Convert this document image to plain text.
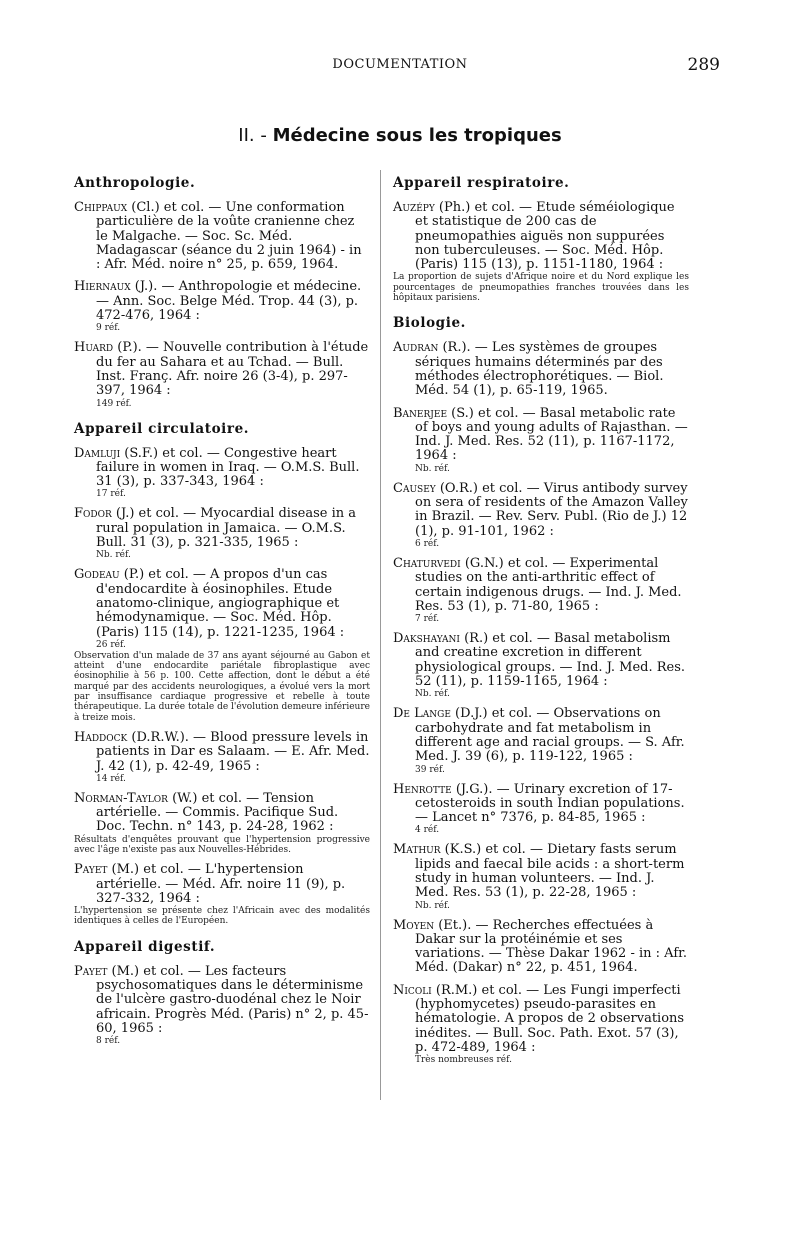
DOCUMENTATION	289
II. - Médecine sous les tropiques
Anthropologie.

Chippaux (Cl.) et col. — Une conformation particulière de la voûte cranienne chez le Malgache. — Soc. Sc. Méd. Madagascar (séance du 2 juin 1964) - in : Afr. Méd. noire n° 25, p. 659, 1964.

Hiernaux (J.). — Anthropologie et médecine. — Ann. Soc. Belge Méd. Trop. 44 (3), p. 472-476, 1964 :

9 réf.

Huard (P.). — Nouvelle contribution à l'étude du fer au Sahara et au Tchad. — Bull. Inst. Franç. Afr. noire 26 (3-4), p. 297-397, 1964 :

149 réf.
Appareil circulatoire.

Damluji (S.F.) et col. — Congestive heart failure in women in Iraq. — O.M.S. Bull. 31 (3), p. 337-343, 1964 :

17 réf.

Fodor (J.) et col. — Myocardial disease in a rural population in Jamaica. — O.M.S. Bull. 31 (3), p. 321-335, 1965 :

Nb. réf.

Godeau (P.) et col. — A propos d'un cas d'endocardite à éosinophiles. Etude anatomo-clinique, angiographique et hémodynamique. — Soc. Méd. Hôp. (Paris) 115 (14), p. 1221-1235, 1964 :

26 réf.
Observation d'un malade de 37 ans ayant séjourné au Gabon et atteint d'une endocardite pariétale fibroplastique avec éosinophilie à 56 p. 100. Cette affection, dont le début a été marqué par des accidents neurologiques, a évolué vers la mort par insuffisance cardiaque progressive et rebelle à toute thérapeutique. La durée totale de l'évolution demeure inférieure à treize mois.

Haddock (D.R.W.). — Blood pressure levels in patients in Dar es Salaam. — E. Afr. Med. J. 42 (1), p. 42-49, 1965 :

14 réf.

Norman-Taylor (W.) et col. — Tension artérielle. — Commis. Pacifique Sud. Doc. Techn. n° 143, p. 24-28, 1962 :

Résultats d'enquêtes prouvant que l'hypertension progressive avec l'âge n'existe pas aux Nouvelles-Hébrides.

Payet (M.) et col. — L'hypertension artérielle. — Méd. Afr. noire 11 (9), p. 327-332, 1964 :

L'hypertension se présente chez l'Africain avec des modalités identiques à celles de l'Européen.
Appareil digestif.

Payet (M.) et col. — Les facteurs psychosomatiques dans le déterminisme de l'ulcère gastro-duodénal chez le Noir africain. Progrès Méd. (Paris) n° 2, p. 45-60, 1965 :

8 réf.
Appareil respiratoire.

Auzépy (Ph.) et col. — Etude séméiologique et statistique de 200 cas de pneumopathies aiguës non suppurées non tuberculeuses. — Soc. Méd. Hôp. (Paris) 115 (13), p. 1151-1180, 1964 :

La proportion de sujets d'Afrique noire et du Nord explique les pourcentages de pneumopathies franches trouvées dans les hôpitaux parisiens.
Biologie.

Audran (R.). — Les systèmes de groupes sériques humains déterminés par des méthodes électrophorétiques. — Biol. Méd. 54 (1), p. 65-119, 1965.

Banerjee (S.) et col. — Basal metabolic rate of boys and young adults of Rajasthan. — Ind. J. Med. Res. 52 (11), p. 1167-1172, 1964 :

Nb. réf.

Causey (O.R.) et col. — Virus antibody survey on sera of residents of the Amazon Valley in Brazil. — Rev. Serv. Publ. (Rio de J.) 12 (1), p. 91-101, 1962 :

6 réf.

Chaturvedi (G.N.) et col. — Experimental studies on the anti-arthritic effect of certain indigenous drugs. — Ind. J. Med. Res. 53 (1), p. 71-80, 1965 :

7 réf.

Dakshayani (R.) et col. — Basal metabolism and creatine excretion in different physiological groups. — Ind. J. Med. Res. 52 (11), p. 1159-1165, 1964 :

Nb. réf.

De Lange (D.J.) et col. — Observations on carbohydrate and fat metabolism in different age and racial groups. — S. Afr. Med. J. 39 (6), p. 119-122, 1965 :

39 réf.

Henrotte (J.G.). — Urinary excretion of 17-cetosteroids in south Indian populations. — Lancet n° 7376, p. 84-85, 1965 :

4 réf.

Mathur (K.S.) et col. — Dietary fasts serum lipids and faecal bile acids : a short-term study in human volunteers. — Ind. J. Med. Res. 53 (1), p. 22-28, 1965 :

Nb. réf.

Moyen (Et.). — Recherches effectuées à Dakar sur la protéinémie et ses variations. — Thèse Dakar 1962 - in : Afr. Méd. (Dakar) n° 22, p. 451, 1964.

Nicoli (R.M.) et col. — Les Fungi imperfecti (hyphomycetes) pseudo-parasites en hématologie. A propos de 2 observations inédites. — Bull. Soc. Path. Exot. 57 (3), p. 472-489, 1964 :

Très nombreuses réf.
